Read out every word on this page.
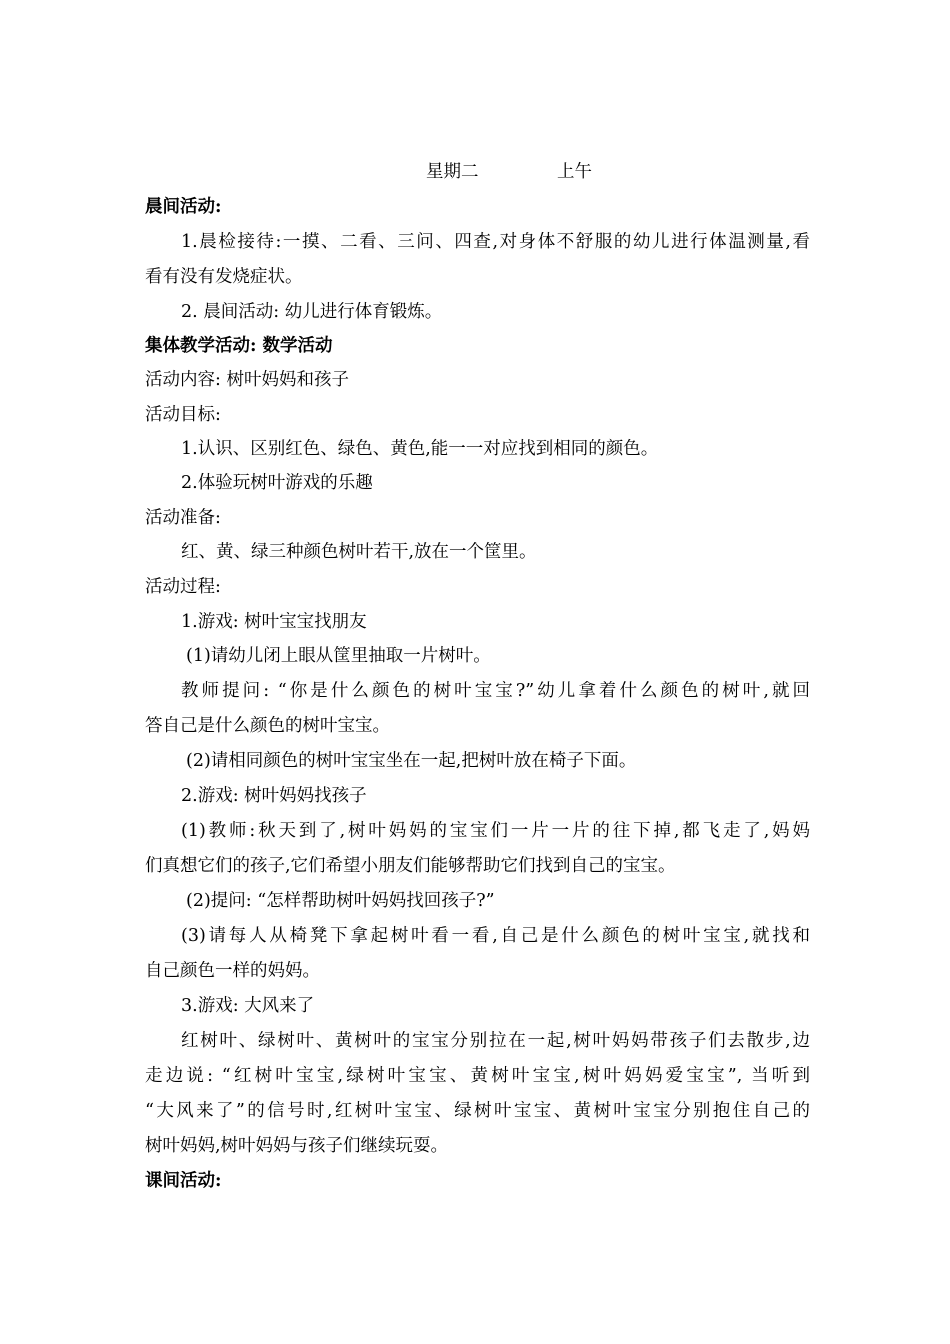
星期二	上午
晨间活动:
1.晨检接待:一摸、二看、三问、四查,对身体不舒服的幼儿进行体温测量,看
看有没有发烧症状。
2. 晨间活动: 幼儿进行体育锻炼。
集体教学活动: 数学活动
活动内容: 树叶妈妈和孩子
活动目标:
1.认识、区别红色、绿色、黄色,能一一对应找到相同的颜色。
2.体验玩树叶游戏的乐趣
活动准备:
红、黄、绿三种颜色树叶若干,放在一个筐里。
活动过程:
1.游戏: 树叶宝宝找朋友
(1)请幼儿闭上眼从筐里抽取一片树叶。
教师提问: “你是什么颜色的树叶宝宝?”幼儿拿着什么颜色的树叶,就回
答自己是什么颜色的树叶宝宝。
(2)请相同颜色的树叶宝宝坐在一起,把树叶放在椅子下面。
2.游戏: 树叶妈妈找孩子
(1)教师:秋天到了,树叶妈妈的宝宝们一片一片的往下掉,都飞走了,妈妈
们真想它们的孩子,它们希望小朋友们能够帮助它们找到自己的宝宝。
(2)提问: “怎样帮助树叶妈妈找回孩子?”
(3)请每人从椅凳下拿起树叶看一看,自己是什么颜色的树叶宝宝,就找和
自己颜色一样的妈妈。
3.游戏: 大风来了
红树叶、绿树叶、黄树叶的宝宝分别拉在一起,树叶妈妈带孩子们去散步,边
走边说: “红树叶宝宝,绿树叶宝宝、黄树叶宝宝,树叶妈妈爱宝宝”, 当听到
“大风来了”的信号时,红树叶宝宝、绿树叶宝宝、黄树叶宝宝分别抱住自己的
树叶妈妈,树叶妈妈与孩子们继续玩耍。
课间活动:
